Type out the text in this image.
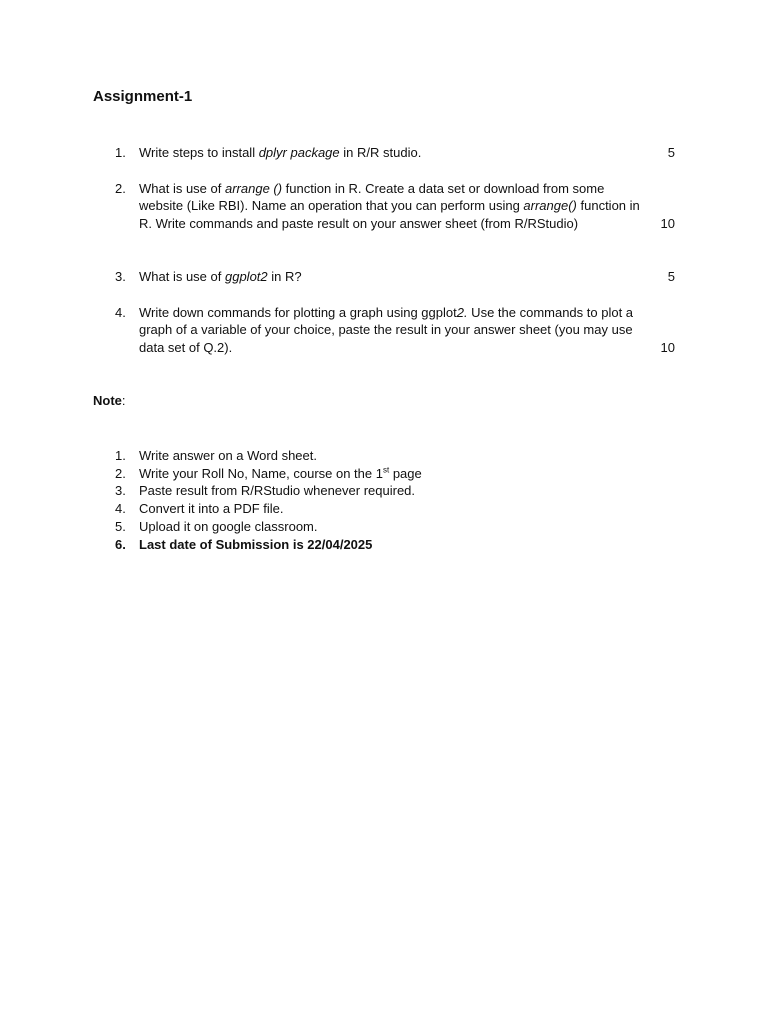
Assignment-1
1. Write steps to install dplyr package in R/R studio.	5
2. What is use of arrange () function in R. Create a data set or download from some website (Like RBI). Name an operation that you can perform using arrange() function in R. Write commands and paste result on your answer sheet (from R/RStudio)	10
3. What is use of ggplot2 in R?	5
4. Write down commands for plotting a graph using ggplot2. Use the commands to plot a graph of a variable of your choice, paste the result in your answer sheet (you may use data set of Q.2).	10
Note:
1. Write answer on a Word sheet.
2. Write your Roll No, Name, course on the 1st page
3. Paste result from R/RStudio whenever required.
4. Convert it into a PDF file.
5. Upload it on google classroom.
6. Last date of Submission is 22/04/2025
